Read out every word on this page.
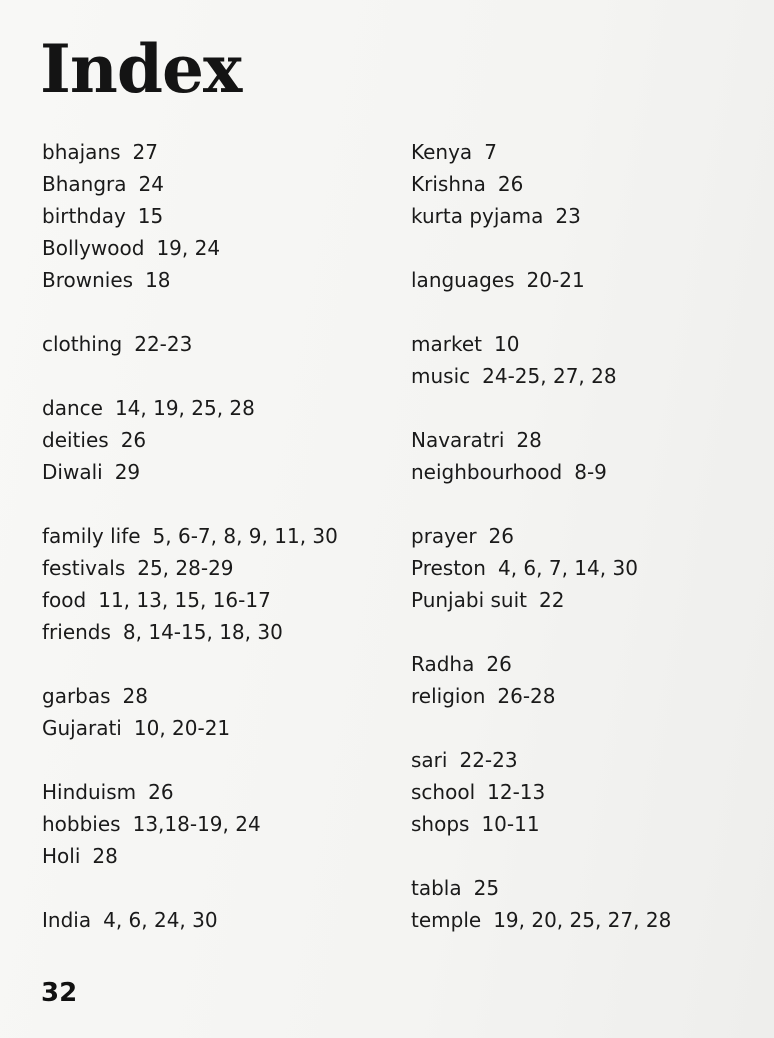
Index
bhajans 27
Bhangra 24
birthday 15
Bollywood 19, 24
Brownies 18
clothing 22-23
dance 14, 19, 25, 28
deities 26
Diwali 29
family life 5, 6-7, 8, 9, 11, 30
festivals 25, 28-29
food 11, 13, 15, 16-17
friends 8, 14-15, 18, 30
garbas 28
Gujarati 10, 20-21
Hinduism 26
hobbies 13,18-19, 24
Holi 28
India 4, 6, 24, 30
Kenya 7
Krishna 26
kurta pyjama 23
languages 20-21
market 10
music 24-25, 27, 28
Navaratri 28
neighbourhood 8-9
prayer 26
Preston 4, 6, 7, 14, 30
Punjabi suit 22
Radha 26
religion 26-28
sari 22-23
school 12-13
shops 10-11
tabla 25
temple 19, 20, 25, 27, 28
32
